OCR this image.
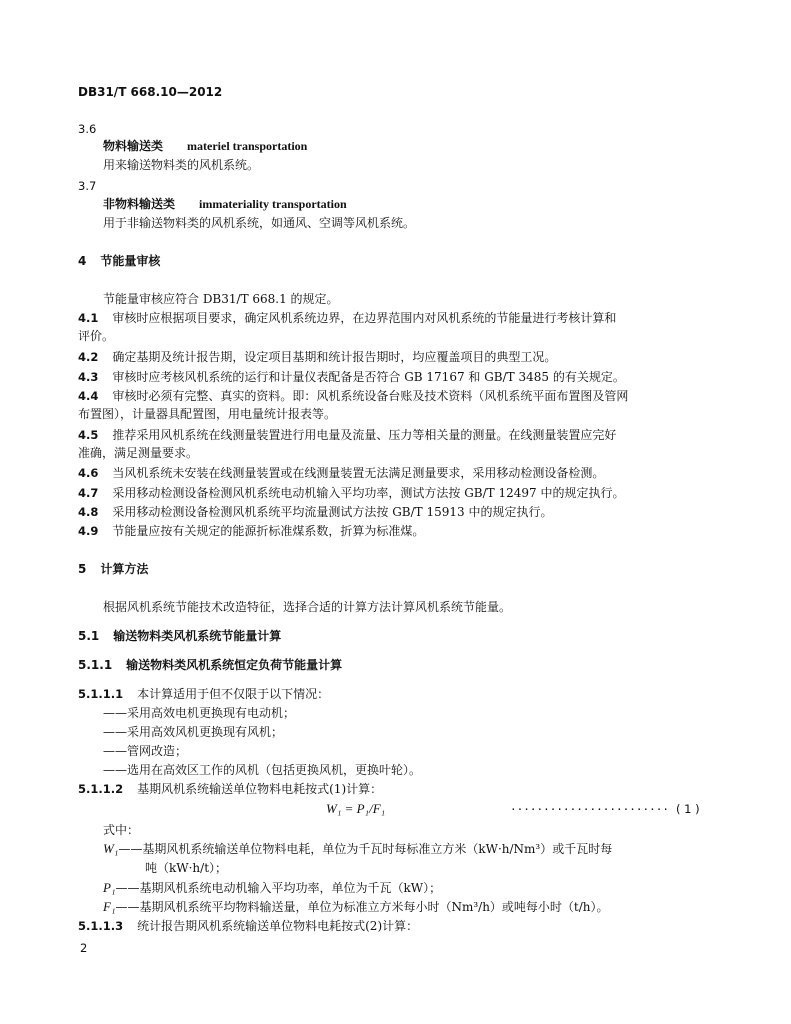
DB31/T 668.10—2012
3.6
物料输送类 materiel transportation
用来输送物料类的风机系统。
3.7
非物料输送类 immateriality transportation
用于非输送物料类的风机系统，如通风、空调等风机系统。
4 节能量审核
节能量审核应符合 DB31/T 668.1 的规定。
4.1 审核时应根据项目要求，确定风机系统边界，在边界范围内对风机系统的节能量进行考核计算和
评价。
4.2 确定基期及统计报告期，设定项目基期和统计报告期时，均应覆盖项目的典型工况。
4.3 审核时应考核风机系统的运行和计量仪表配备是否符合 GB 17167 和 GB/T 3485 的有关规定。
4.4 审核时必须有完整、真实的资料。即：风机系统设备台账及技术资料（风机系统平面布置图及管网
布置图），计量器具配置图，用电量统计报表等。
4.5 推荐采用风机系统在线测量装置进行用电量及流量、压力等相关量的测量。在线测量装置应完好
准确，满足测量要求。
4.6 当风机系统未安装在线测量装置或在线测量装置无法满足测量要求，采用移动检测设备检测。
4.7 采用移动检测设备检测风机系统电动机输入平均功率，测试方法按 GB/T 12497 中的规定执行。
4.8 采用移动检测设备检测风机系统平均流量测试方法按 GB/T 15913 中的规定执行。
4.9 节能量应按有关规定的能源折标准煤系数，折算为标准煤。
5 计算方法
根据风机系统节能技术改造特征，选择合适的计算方法计算风机系统节能量。
5.1 输送物料类风机系统节能量计算
5.1.1 输送物料类风机系统恒定负荷节能量计算
5.1.1.1 本计算适用于但不仅限于以下情况：
——采用高效电机更换现有电动机；
——采用高效风机更换现有风机；
——管网改造；
——选用在高效区工作的风机（包括更换风机，更换叶轮）。
5.1.1.2 基期风机系统输送单位物料电耗按式(1)计算：
W₁ = P₁/F₁	························ ( 1 )
式中：
W₁——基期风机系统输送单位物料电耗，单位为千瓦时每标准立方米（kW·h/Nm³）或千瓦时每
吨（kW·h/t）；
P₁——基期风机系统电动机输入平均功率，单位为千瓦（kW）；
F₁——基期风机系统平均物料输送量，单位为标准立方米每小时（Nm³/h）或吨每小时（t/h）。
5.1.1.3 统计报告期风机系统输送单位物料电耗按式(2)计算：
2
